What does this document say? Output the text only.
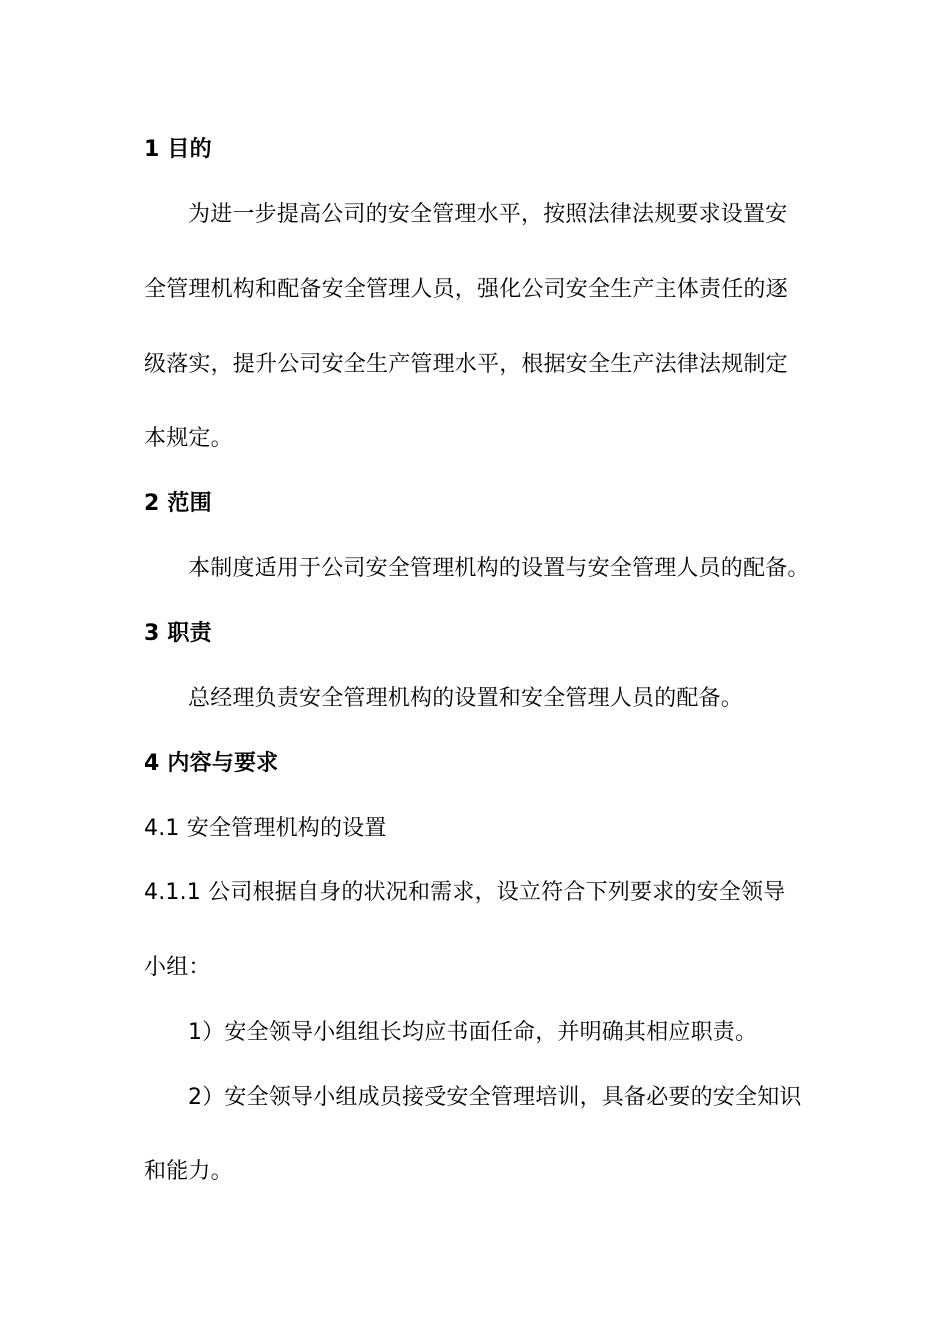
1 目的
为进一步提高公司的安全管理水平，按照法律法规要求设置安
全管理机构和配备安全管理人员，强化公司安全生产主体责任的逐
级落实，提升公司安全生产管理水平，根据安全生产法律法规制定
本规定。
2 范围
本制度适用于公司安全管理机构的设置与安全管理人员的配备。
3 职责
总经理负责安全管理机构的设置和安全管理人员的配备。
4 内容与要求
4.1 安全管理机构的设置
4.1.1 公司根据自身的状况和需求，设立符合下列要求的安全领导
小组：
1）安全领导小组组长均应书面任命，并明确其相应职责。
2）安全领导小组成员接受安全管理培训，具备必要的安全知识
和能力。
